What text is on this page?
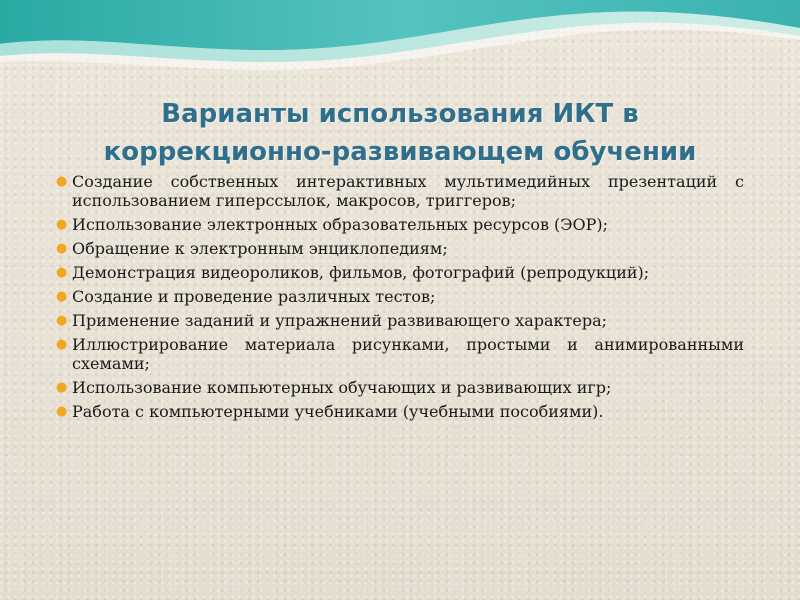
Варианты использования ИКТ в
коррекционно-развивающем обучении
● Создание собственных интерактивных мультимедийных презентаций с использованием гиперссылок, макросов, триггеров;
● Использование электронных образовательных ресурсов (ЭОР);
● Обращение к электронным энциклопедиям;
● Демонстрация видеороликов, фильмов, фотографий (репродукций);
● Создание и проведение различных тестов;
● Применение заданий и упражнений развивающего характера;
● Иллюстрирование материала рисунками, простыми и анимированными схемами;
● Использование компьютерных обучающих и развивающих игр;
● Работа с компьютерными учебниками (учебными пособиями).
